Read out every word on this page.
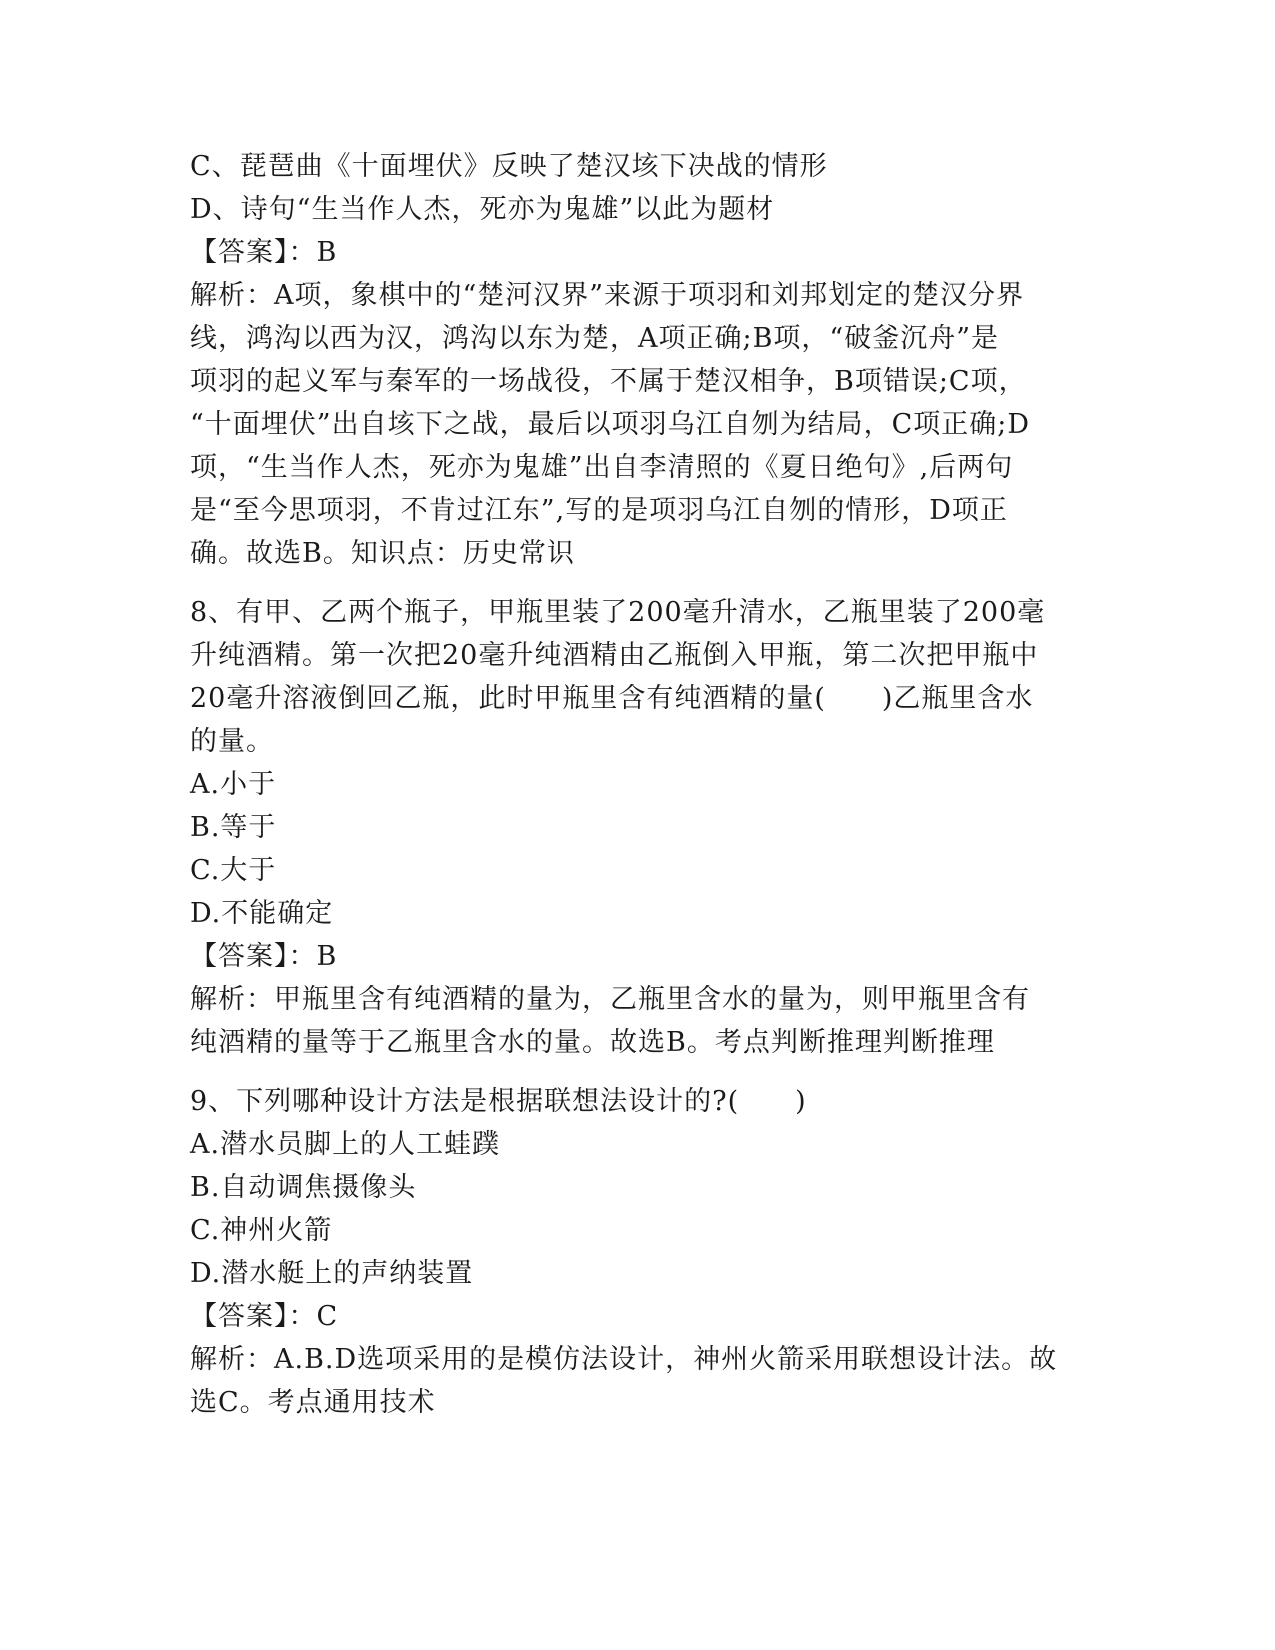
C、琵琶曲《十面埋伏》反映了楚汉垓下决战的情形
D、诗句“生当作人杰，死亦为鬼雄”以此为题材
【答案】：B
解析：A项，象棋中的“楚河汉界”来源于项羽和刘邦划定的楚汉分界
线，鸿沟以西为汉，鸿沟以东为楚，A项正确;B项，“破釜沉舟”是
项羽的起义军与秦军的一场战役，不属于楚汉相争，B项错误;C项，
“十面埋伏”出自垓下之战，最后以项羽乌江自刎为结局，C项正确;D
项，“生当作人杰，死亦为鬼雄”出自李清照的《夏日绝句》,后两句
是“至今思项羽，不肯过江东”,写的是项羽乌江自刎的情形，D项正
确。故选B。知识点：历史常识
8、有甲、乙两个瓶子，甲瓶里装了200毫升清水，乙瓶里装了200毫
升纯酒精。第一次把20毫升纯酒精由乙瓶倒入甲瓶，第二次把甲瓶中
20毫升溶液倒回乙瓶，此时甲瓶里含有纯酒精的量(　　)乙瓶里含水
的量。
A.小于
B.等于
C.大于
D.不能确定
【答案】：B
解析：甲瓶里含有纯酒精的量为，乙瓶里含水的量为，则甲瓶里含有
纯酒精的量等于乙瓶里含水的量。故选B。考点判断推理判断推理
9、下列哪种设计方法是根据联想法设计的?(　　)
A.潜水员脚上的人工蛙蹼
B.自动调焦摄像头
C.神州火箭
D.潜水艇上的声纳装置
【答案】：C
解析：A.B.D选项采用的是模仿法设计，神州火箭采用联想设计法。故
选C。考点通用技术
